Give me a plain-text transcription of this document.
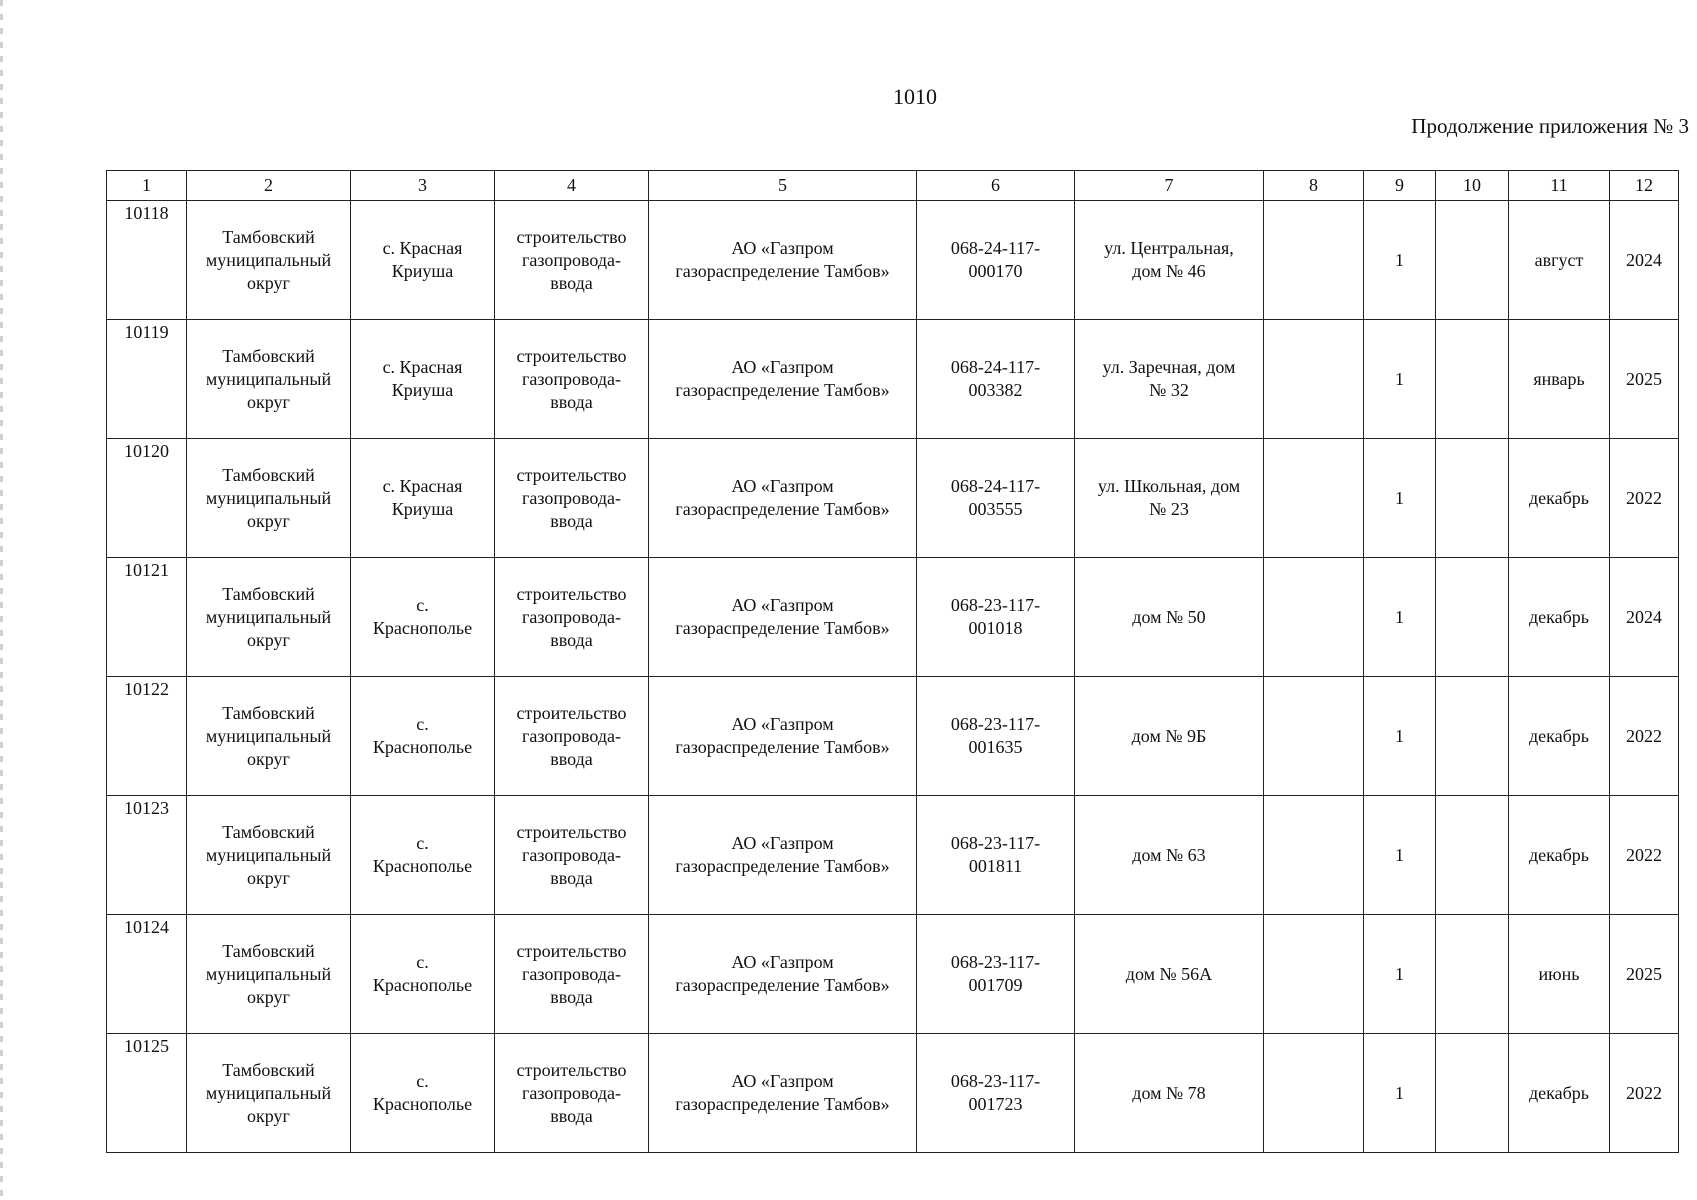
1010
Продолжение приложения № 3
1	2	3	4	5	6	7	8	9	10	11	12
10118	Тамбовский
муниципальный
округ	с. Красная
Криуша	строительство
газопровода-
ввода	АО «Газпром
газораспределение Тамбов»	068-24-117-
000170	ул. Центральная,
дом № 46		1		август	2024
10119	Тамбовский
муниципальный
округ	с. Красная
Криуша	строительство
газопровода-
ввода	АО «Газпром
газораспределение Тамбов»	068-24-117-
003382	ул. Заречная, дом
№ 32		1		январь	2025
10120	Тамбовский
муниципальный
округ	с. Красная
Криуша	строительство
газопровода-
ввода	АО «Газпром
газораспределение Тамбов»	068-24-117-
003555	ул. Школьная, дом
№ 23		1		декабрь	2022
10121	Тамбовский
муниципальный
округ	с.
Краснополье	строительство
газопровода-
ввода	АО «Газпром
газораспределение Тамбов»	068-23-117-
001018	дом № 50		1		декабрь	2024
10122	Тамбовский
муниципальный
округ	с.
Краснополье	строительство
газопровода-
ввода	АО «Газпром
газораспределение Тамбов»	068-23-117-
001635	дом № 9Б		1		декабрь	2022
10123	Тамбовский
муниципальный
округ	с.
Краснополье	строительство
газопровода-
ввода	АО «Газпром
газораспределение Тамбов»	068-23-117-
001811	дом № 63		1		декабрь	2022
10124	Тамбовский
муниципальный
округ	с.
Краснополье	строительство
газопровода-
ввода	АО «Газпром
газораспределение Тамбов»	068-23-117-
001709	дом № 56А		1		июнь	2025
10125	Тамбовский
муниципальный
округ	с.
Краснополье	строительство
газопровода-
ввода	АО «Газпром
газораспределение Тамбов»	068-23-117-
001723	дом № 78		1		декабрь	2022
